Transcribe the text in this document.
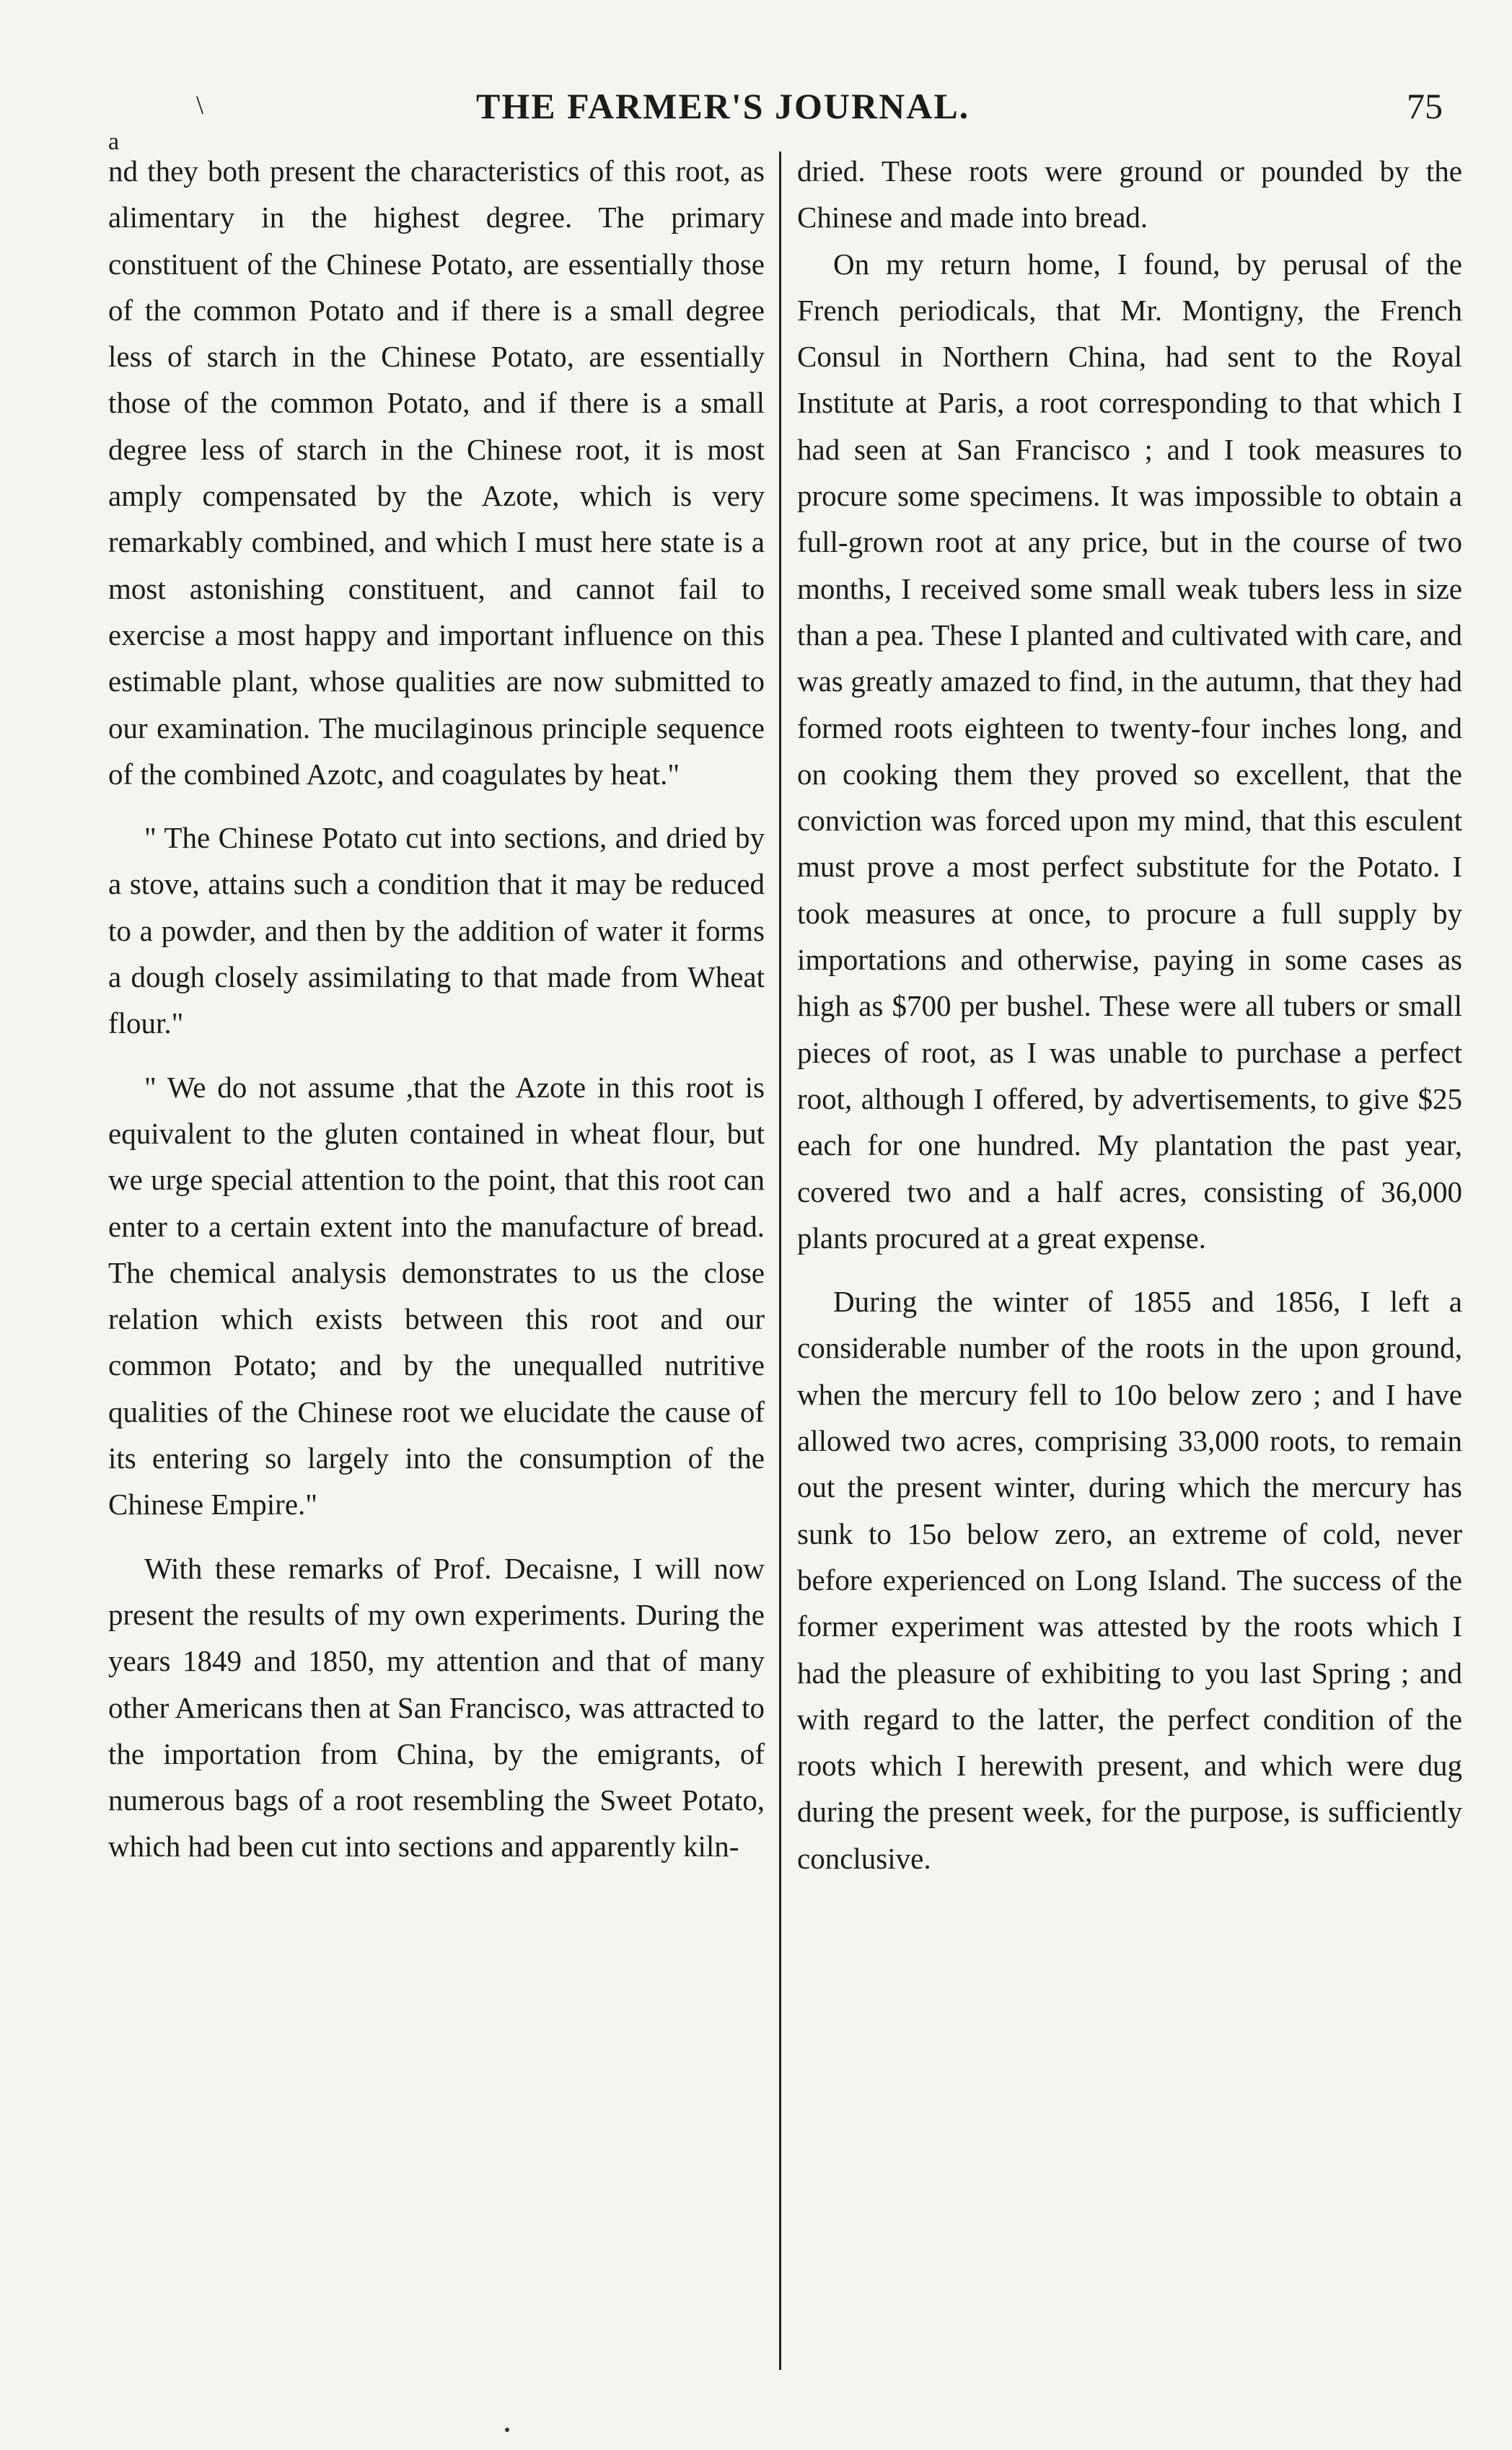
\	THE FARMER'S JOURNAL.	75
a

nd they both present the characteristics of this root, as alimentary in the highest degree. The primary constituent of the Chinese Potato, are essentially those of the common Potato and if there is a small degree less of starch in the Chinese Potato, are essentially those of the common Potato, and if there is a small degree less of starch in the Chinese root, it is most amply compensated by the Azote, which is very remarkably combined, and which I must here state is a most astonishing constituent, and cannot fail to exercise a most happy and important influence on this estimable plant, whose qualities are now submitted to our examination. The mucilaginous principle sequence of the combined Azotc, and coagulates by heat."

" The Chinese Potato cut into sections, and dried by a stove, attains such a condition that it may be reduced to a powder, and then by the addition of water it forms a dough closely assimilating to that made from Wheat flour."

" We do not assume ,that the Azote in this root is equivalent to the gluten contained in wheat flour, but we urge special attention to the point, that this root can enter to a certain extent into the manufacture of bread. The chemical analysis demonstrates to us the close relation which exists between this root and our common Potato; and by the unequalled nutritive qualities of the Chinese root we elucidate the cause of its entering so largely into the consumption of the Chinese Empire."

With these remarks of Prof. Decaisne, I will now present the results of my own experiments. During the years 1849 and 1850, my attention and that of many other Americans then at San Francisco, was attracted to the importation from China, by the emigrants, of numerous bags of a root resembling the Sweet Potato, which had been cut into sections and apparently kiln-

dried. These roots were ground or pounded by the Chinese and made into bread.

On my return home, I found, by perusal of the French periodicals, that Mr. Montigny, the French Consul in Northern China, had sent to the Royal Institute at Paris, a root corresponding to that which I had seen at San Francisco ; and I took measures to procure some specimens. It was impossible to obtain a full-grown root at any price, but in the course of two months, I received some small weak tubers less in size than a pea. These I planted and cultivated with care, and was greatly amazed to find, in the autumn, that they had formed roots eighteen to twenty-four inches long, and on cooking them they proved so excellent, that the conviction was forced upon my mind, that this esculent must prove a most perfect substitute for the Potato. I took measures at once, to procure a full supply by importations and otherwise, paying in some cases as high as $700 per bushel. These were all tubers or small pieces of root, as I was unable to purchase a perfect root, although I offered, by advertisements, to give $25 each for one hundred. My plantation the past year, covered two and a half acres, consisting of 36,000 plants procured at a great expense.

During the winter of 1855 and 1856, I left a considerable number of the roots in the upon ground, when the mercury fell to 10o below zero ; and I have allowed two acres, comprising 33,000 roots, to remain out the present winter, during which the mercury has sunk to 15o below zero, an extreme of cold, never before experienced on Long Island. The success of the former experiment was attested by the roots which I had the pleasure of exhibiting to you last Spring ; and with regard to the latter, the perfect condition of the roots which I herewith present, and which were dug during the present week, for the purpose, is sufficiently conclusive.
